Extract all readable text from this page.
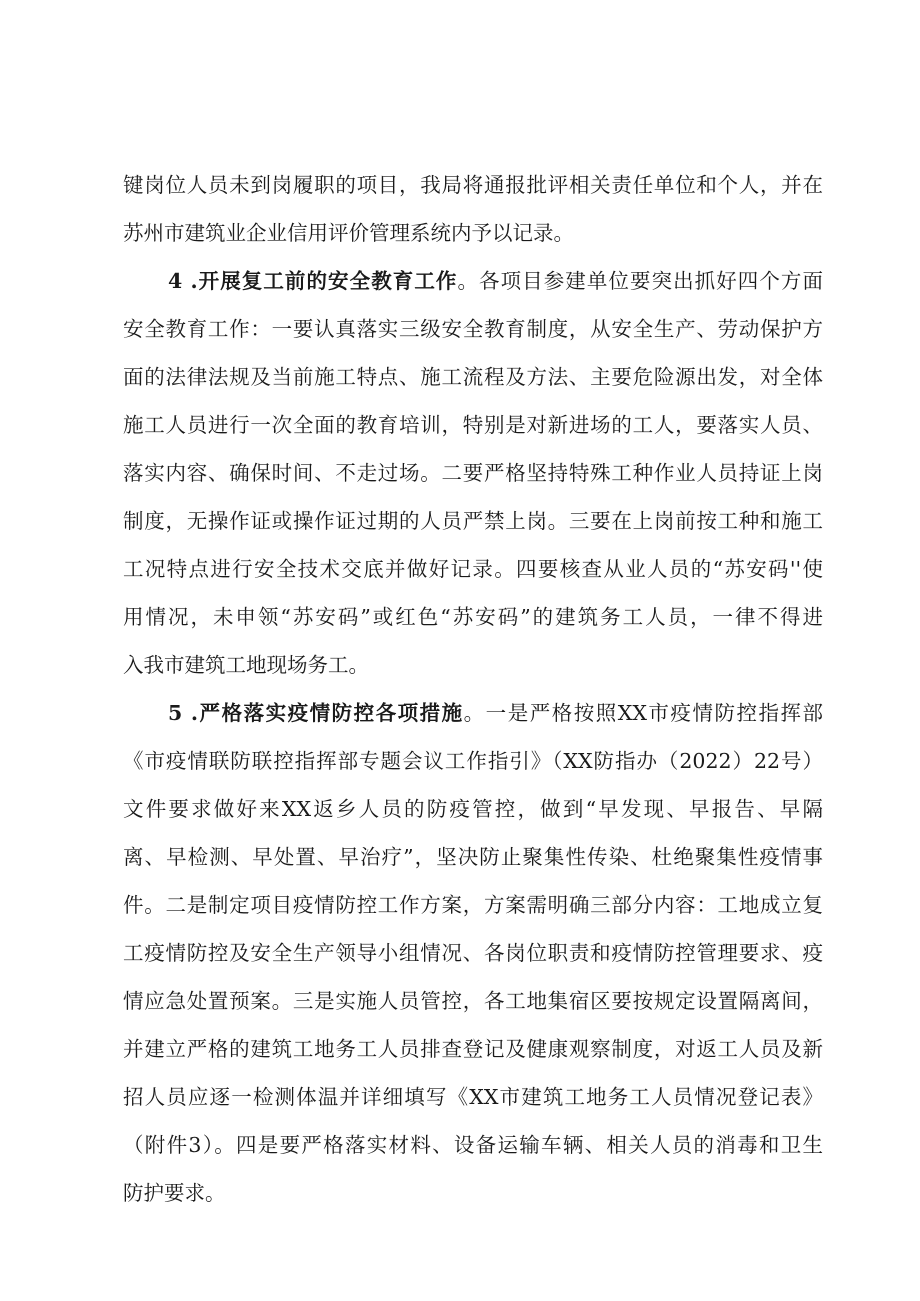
键岗位人员未到岗履职的项目，我局将通报批评相关责任单位和个人，并在
苏州市建筑业企业信用评价管理系统内予以记录。
4 .开展复工前的安全教育工作。各项目参建单位要突出抓好四个方面
安全教育工作：一要认真落实三级安全教育制度，从安全生产、劳动保护方
面的法律法规及当前施工特点、施工流程及方法、主要危险源出发，对全体
施工人员进行一次全面的教育培训，特别是对新进场的工人，要落实人员、
落实内容、确保时间、不走过场。二要严格坚持特殊工种作业人员持证上岗
制度，无操作证或操作证过期的人员严禁上岗。三要在上岗前按工种和施工
工况特点进行安全技术交底并做好记录。四要核查从业人员的“苏安码''使
用情况，未申领“苏安码”或红色“苏安码”的建筑务工人员，一律不得进
入我市建筑工地现场务工。
5 .严格落实疫情防控各项措施。一是严格按照XX市疫情防控指挥部
《市疫情联防联控指挥部专题会议工作指引》（XX防指办（2022）22号）
文件要求做好来XX返乡人员的防疫管控，做到“早发现、早报告、早隔
离、早检测、早处置、早治疗”，坚决防止聚集性传染、杜绝聚集性疫情事
件。二是制定项目疫情防控工作方案，方案需明确三部分内容：工地成立复
工疫情防控及安全生产领导小组情况、各岗位职责和疫情防控管理要求、疫
情应急处置预案。三是实施人员管控，各工地集宿区要按规定设置隔离间，
并建立严格的建筑工地务工人员排查登记及健康观察制度，对返工人员及新
招人员应逐一检测体温并详细填写《XX市建筑工地务工人员情况登记表》
（附件3）。四是要严格落实材料、设备运输车辆、相关人员的消毒和卫生
防护要求。
